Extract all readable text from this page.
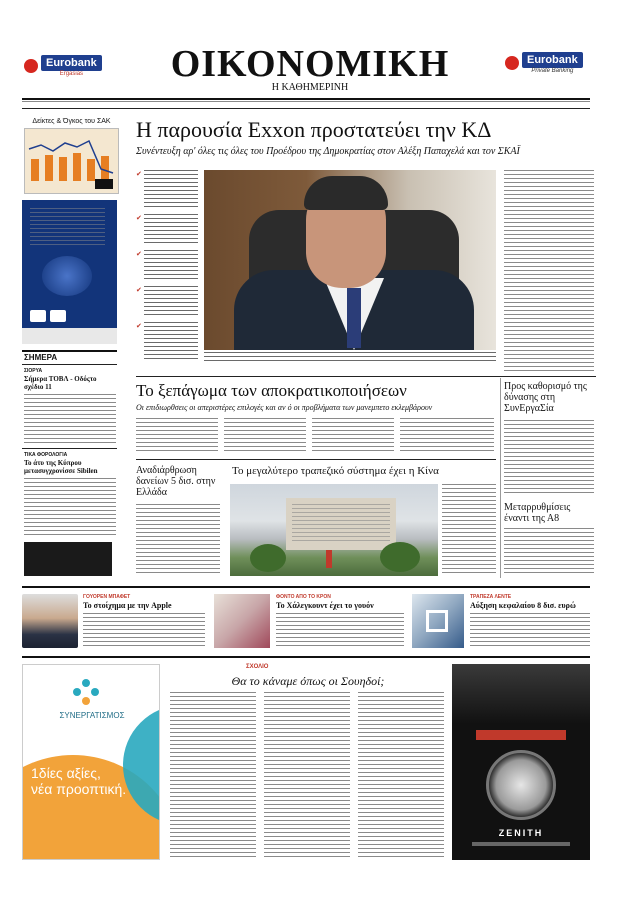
Eurobank
Ergasias	ΟΙΚΟΝΟΜΙΚΗ
Η ΚΑΘΗΜΕΡΙΝΗ
Eurobank
Private Banking
Δείκτες & Όγκος του ΣΑΚ
ΣΗΜΕΡΑ
ΣΙΟΡΥΑ
Σήμερα ΤΟΒΛ - Οδόςτο σχέδιο 11
ΤΙΚΑ ΦΟΡΟΛΟΓΙΑ
Το άτυ της Κύπρου μετασυγχρονίσσε Sibilen
Η παρουσία Exxon προστατεύει την ΚΔ
Συνέντευξη αρ' όλες τις όλες του Προέδρου της Δημοκρατίας στον Αλέξη Παπαχελά και τον ΣΚΑΪ
✔
✔
✔
✔
✔
Το ξεπάγωμα των αποκρατικοποιήσεων
Οι επιδιωρθσεις οι απεριστέρες επιλογές και αν ό οι προβλήματα των μανεμπετο εκλεμβάρουν
Προς καθορισμό της δύνασης στη ΣυνΕργαΣία
Μεταρρυθμίσεις έναντι της Α8
Αναδιάρθρωση δανείων 5 δισ. στην Ελλάδα
Το μεγαλύτερο τραπεζικό σύστημα έχει η Κίνα
ΓΟΥΟΡΕΝ ΜΠΑΦΕΤ
Το στοίχημα με την Apple
ΦΟΝΤΟ ΑΠΟ ΤΟ ΚΡΟΝ
Το Χάλεγκουντ έχει το γουόν
ΤΡΑΠΕΖΑ ΛΕΝΤΕ
Αύξηση κεφαλαίου 8 δισ. ευρώ
ΣΥΝΕΡΓΑΤΙΣΜΟΣ
1δίες αξίες,
νέα προοπτική.
ΣΧΟΛΙΟ
Θα το κάναμε όπως οι Σουηδοί;
ZENITH
